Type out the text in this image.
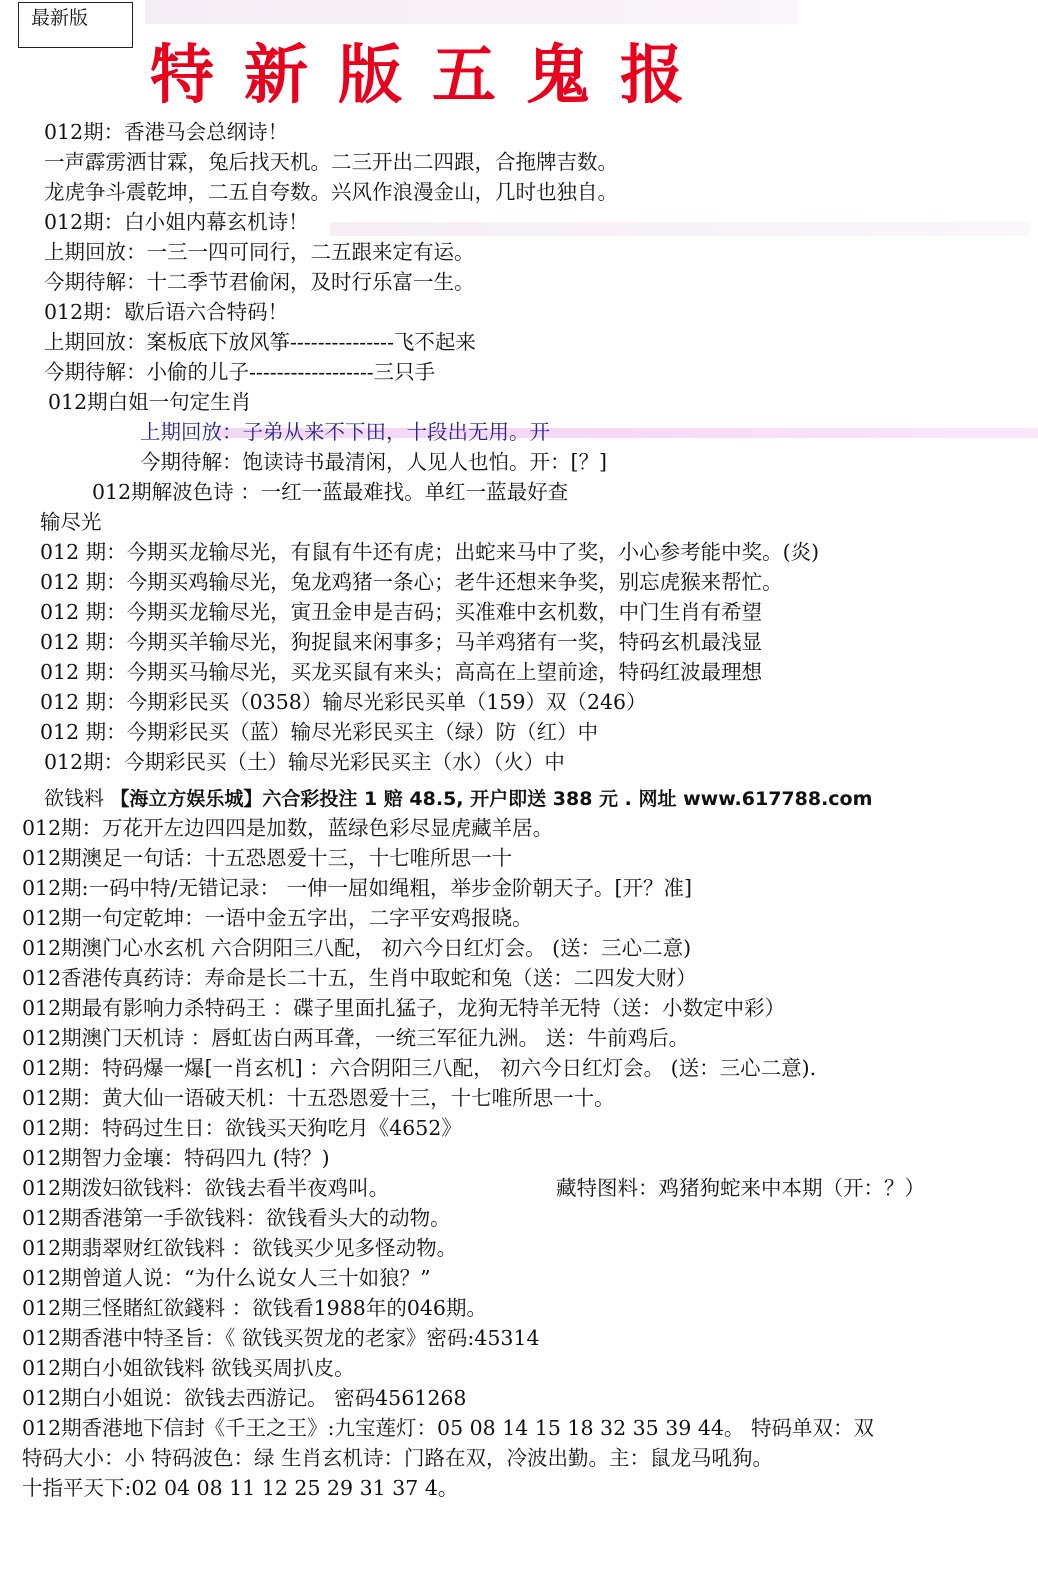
最新版
特新版五鬼报
012期：香港马会总纲诗！
一声霹雳洒甘霖，兔后找天机。二三开出二四跟，合拖牌吉数。
龙虎争斗震乾坤，二五自夸数。兴风作浪漫金山，几时也独自。
012期：白小姐内幕玄机诗！
上期回放：一三一四可同行，二五跟来定有运。
今期待解：十二季节君偷闲，及时行乐富一生。
012期：歇后语六合特码！
上期回放：案板底下放风筝---------------飞不起来
今期待解：小偷的儿子------------------三只手
012期白姐一句定生肖
上期回放：子弟从来不下田，十段出无用。开
今期待解：饱读诗书最清闲，人见人也怕。开：[？]
012期解波色诗 ：一红一蓝最难找。单红一蓝最好查
输尽光
012 期：今期买龙输尽光，有鼠有牛还有虎；出蛇来马中了奖，小心参考能中奖。(炎)
012 期：今期买鸡输尽光，兔龙鸡猪一条心；老牛还想来争奖，别忘虎猴来帮忙。
012 期：今期买龙输尽光，寅丑金申是吉码；买准难中玄机数，中门生肖有希望
012 期：今期买羊输尽光，狗捉鼠来闲事多；马羊鸡猪有一奖，特码玄机最浅显
012 期：今期买马输尽光，买龙买鼠有来头；高高在上望前途，特码红波最理想
012 期：今期彩民买（0358）输尽光彩民买单（159）双（246）
012 期：今期彩民买（蓝）输尽光彩民买主（绿）防（红）中
012期：今期彩民买（土）输尽光彩民买主（水）（火）中
欲钱料 【海立方娱乐城】六合彩投注 1 赔 48.5, 开户即送 388 元 . 网址 www.617788.com
012期：万花开左边四四是加数，蓝绿色彩尽显虎藏羊居。
012期澳足一句话：十五恐恩爱十三，十七唯所思一十
012期:一码中特/无错记录： 一伸一屈如绳粗，举步金阶朝天子。[开？准]
012期一句定乾坤：一语中金五字出，二字平安鸡报晓。
012期澳门心水玄机 六合阴阳三八配， 初六今日红灯会。 (送：三心二意)
012香港传真药诗：寿命是长二十五，生肖中取蛇和兔（送：二四发大财）
012期最有影响力杀特码王 ：碟子里面扎猛子，龙狗无特羊无特（送：小数定中彩）
012期澳门天机诗 ：唇虹齿白两耳聋，一统三军征九洲。 送：牛前鸡后。
012期：特码爆一爆[一肖玄机] ：六合阴阳三八配， 初六今日红灯会。 (送：三心二意).
012期：黄大仙一语破天机：十五恐恩爱十三，十七唯所思一十。
012期：特码过生日：欲钱买天狗吃月《4652》
012期智力金壤：特码四九 (特？)
012期泼妇欲钱料：欲钱去看半夜鸡叫。	藏特图料：鸡猪狗蛇来中本期（开：？）
012期香港第一手欲钱料：欲钱看头大的动物。
012期翡翠财红欲钱料 ：欲钱买少见多怪动物。
012期曾道人说：“为什么说女人三十如狼？”
012期三怪賭紅欲錢料 ：欲钱看1988年的046期。
012期香港中特圣旨：《 欲钱买贺龙的老家》密码:45314
012期白小姐欲钱料 欲钱买周扒皮。
012期白小姐说：欲钱去西游记。 密码4561268
012期香港地下信封《千王之王》:九宝莲灯：05 08 14 15 18 32 35 39 44。 特码单双：双
特码大小：小 特码波色：绿 生肖玄机诗：门路在双，冷波出勤。主：鼠龙马吼狗。
十指平天下:02 04 08 11 12 25 29 31 37 4。
